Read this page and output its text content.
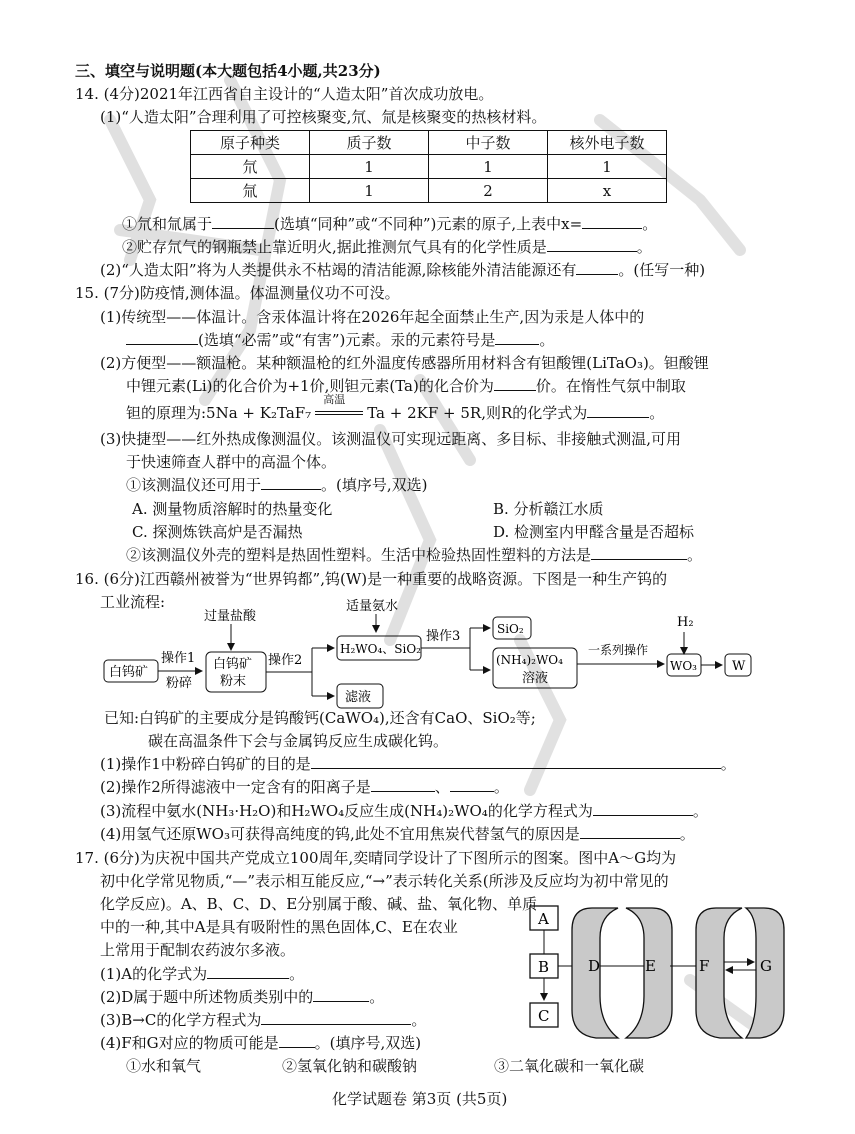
三、填空与说明题(本大题包括4小题,共23分)
14. (4分)2021年江西省自主设计的“人造太阳”首次成功放电。
(1)“人造太阳”合理利用了可控核聚变,氘、氚是核聚变的热核材料。
原子种类	质子数	中子数	核外电子数
氘	1	1	1
氚	1	2	x
①氘和氚属于	(选填“同种”或“不同种”)元素的原子,上表中x=	。
②贮存氘气的钢瓶禁止靠近明火,据此推测氘气具有的化学性质是	。
(2)“人造太阳”将为人类提供永不枯竭的清洁能源,除核能外清洁能源还有	。(任写一种)
15. (7分)防疫情,测体温。体温测量仪功不可没。
(1)传统型——体温计。含汞体温计将在2026年起全面禁止生产,因为汞是人体中的
(选填“必需”或“有害”)元素。汞的元素符号是	。
(2)方便型——额温枪。某种额温枪的红外温度传感器所用材料含有钽酸锂(LiTaO₃)。钽酸锂
中锂元素(Li)的化合价为+1价,则钽元素(Ta)的化合价为	价。在惰性气氛中制取
钽的原理为:5Na + K₂TaF₇
高温
Ta + 2KF + 5R,则R的化学式为	。
(3)快捷型——红外热成像测温仪。该测温仪可实现远距离、多目标、非接触式测温,可用
于快速筛查人群中的高温个体。
①该测温仪还可用于	。(填序号,双选)
A. 测量物质溶解时的热量变化	B. 分析赣江水质
C. 探测炼铁高炉是否漏热	D. 检测室内甲醛含量是否超标
②该测温仪外壳的塑料是热固性塑料。生活中检验热固性塑料的方法是	。
16. (6分)江西赣州被誉为“世界钨都”,钨(W)是一种重要的战略资源。下图是一种生产钨的
工业流程:
过量盐酸
适量氨水
H₂
白钨矿
操作1
粉碎
白钨矿
粉末
操作2
H₂WO₄、SiO₂
滤液
操作3	SiO₂
(NH₄)₂WO₄
溶液
一系列操作
WO₃	W
已知:白钨矿的主要成分是钨酸钙(CaWO₄),还含有CaO、SiO₂等;
碳在高温条件下会与金属钨反应生成碳化钨。
(1)操作1中粉碎白钨矿的目的是	。
(2)操作2所得滤液中一定含有的阳离子是	、	。
(3)流程中氨水(NH₃·H₂O)和H₂WO₄反应生成(NH₄)₂WO₄的化学方程式为	。
(4)用氢气还原WO₃可获得高纯度的钨,此处不宜用焦炭代替氢气的原因是	。
17. (6分)为庆祝中国共产党成立100周年,奕晴同学设计了下图所示的图案。图中A～G均为
初中化学常见物质,“—”表示相互能反应,“→”表示转化关系(所涉及反应均为初中常见的
化学反应)。A、B、C、D、E分别属于酸、碱、盐、氧化物、单质
中的一种,其中A是具有吸附性的黑色固体,C、E在农业
上常用于配制农药波尔多液。
(1)A的化学式为	。
(2)D属于题中所述物质类别中的	。
(3)B→C的化学方程式为	。
(4)F和G对应的物质可能是 。(填序号,双选)
①水和氧气	②氢氧化钠和碳酸钠	③二氧化碳和一氧化碳
A
B
C
D	E	F	G
化学试题卷 第3页 (共5页)
